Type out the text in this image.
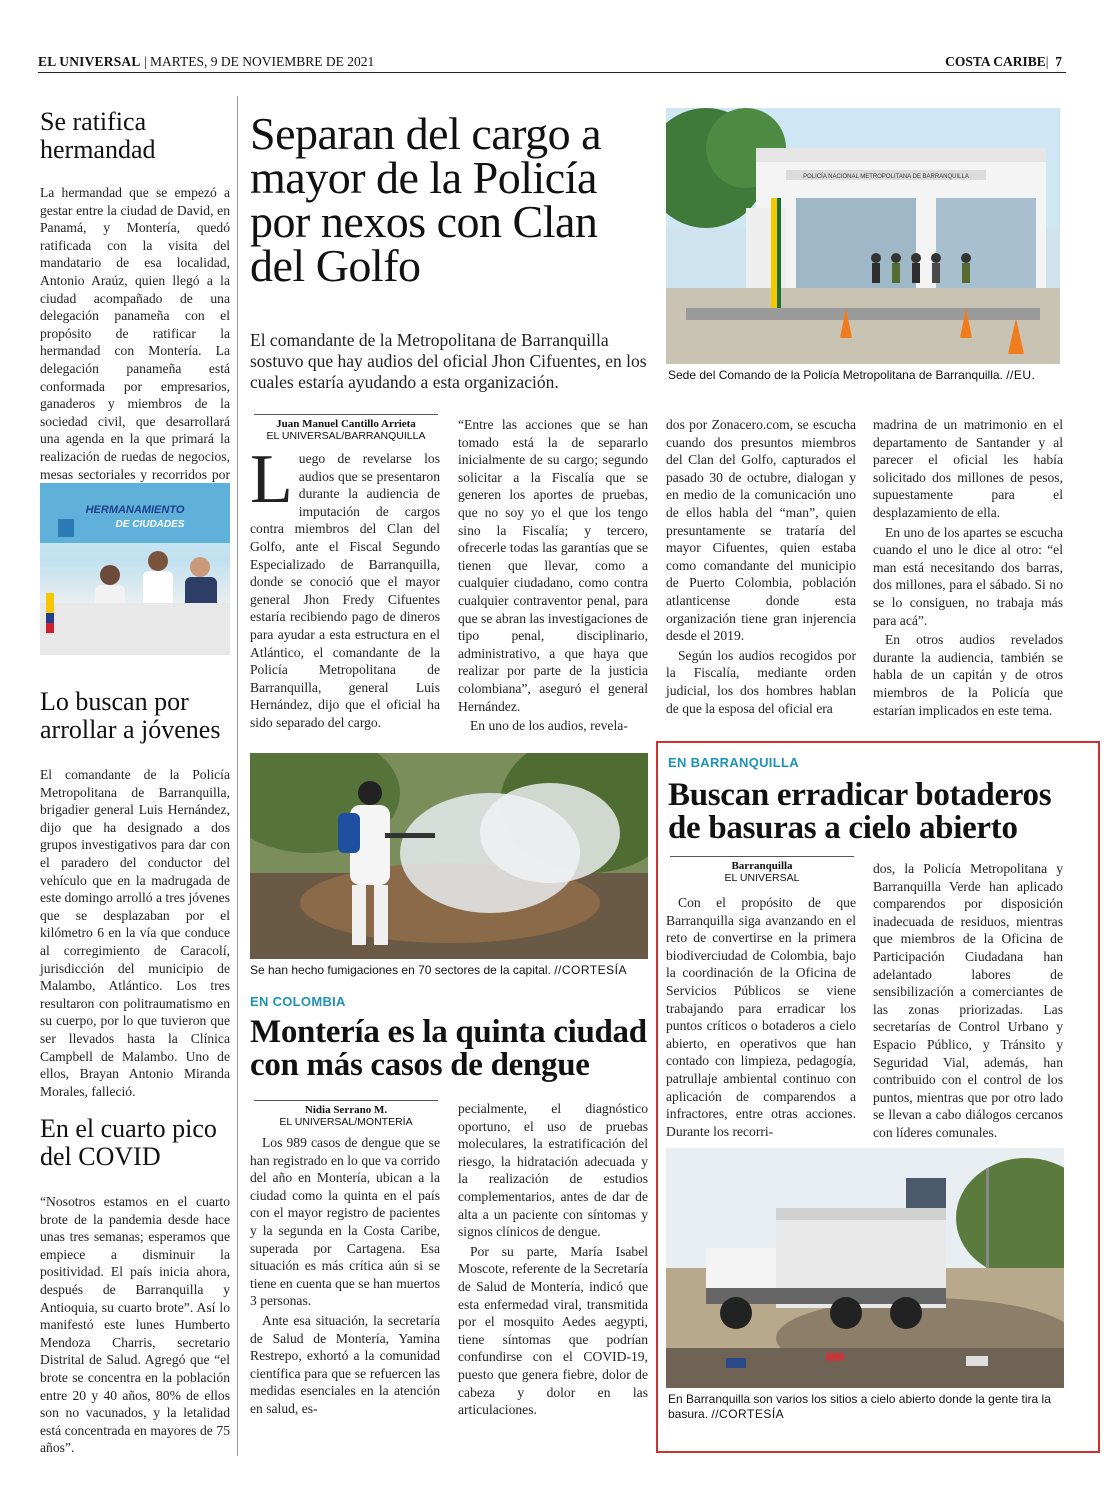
EL UNIVERSAL | MARTES, 9 DE NOVIEMBRE DE 2021	COSTA CARIBE|  7
Se ratifica hermandad
La hermandad que se empezó a gestar entre la ciudad de David, en Panamá, y Montería, quedó ratificada con la visita del mandatario de esa localidad, Antonio Araúz, quien llegó a la ciudad acompañado de una delegación panameña con el propósito de ratificar la hermandad con Montería. La delegación panameña está conformada por empresarios, ganaderos y miembros de la sociedad civil, que desarrollará una agenda en la que primará la realización de ruedas de negocios, mesas sectoriales y recorridos por
HERMANAMIENTO
DE CIUDADES
Lo buscan por arrollar a jóvenes
El comandante de la Policía Metropolitana de Barranquilla, brigadier general Luis Hernández, dijo que ha designado a dos grupos investigativos para dar con el paradero del conductor del vehículo que en la madrugada de este domingo arrolló a tres jóvenes que se desplazaban por el kilómetro 6 en la vía que conduce al corregimiento de Caracolí, jurisdicción del municipio de Malambo, Atlántico. Los tres resultaron con politraumatismo en su cuerpo, por lo que tuvieron que ser llevados hasta la Clínica Campbell de Malambo. Uno de ellos, Brayan Antonio Miranda Morales, falleció.
En el cuarto pico del COVID
“Nosotros estamos en el cuarto brote de la pandemia desde hace unas tres semanas; esperamos que empiece a disminuir la positividad. El país inicia ahora, después de Barranquilla y Antioquia, su cuarto brote”. Así lo manifestó este lunes Humberto Mendoza Charris, secretario Distrital de Salud. Agregó que “el brote se concentra en la población entre 20 y 40 años, 80% de ellos son no vacunados, y la letalidad está concentrada en mayores de 75 años”.
Separan del cargo a mayor de la Policía por nexos con Clan del Golfo
El comandante de la Metropolitana de Barranquilla sostuvo que hay audios del oficial Jhon Cifuentes, en los cuales estaría ayudando a esta organización.
POLICÍA NACIONAL METROPOLITANA DE BARRANQUILLA
Sede del Comando de la Policía Metropolitana de Barranquilla. //EU.
Juan Manuel Cantillo Arrieta
EL UNIVERSAL/BARRANQUILLA
L uego de revelarse los audios que se presentaron durante la audiencia de imputación de cargos contra miembros del Clan del Golfo, ante el Fiscal Segundo Especializado de Barranquilla, donde se conoció que el mayor general Jhon Fredy Cifuentes estaría recibiendo pago de dineros para ayudar a esta estructura en el Atlántico, el comandante de la Policía Metropolitana de Barranquilla, general Luis Hernández, dijo que el oficial ha sido separado del cargo.

“Entre las acciones que se han tomado está la de separarlo inicialmente de su cargo; segundo solicitar a la Fiscalía que se generen los aportes de pruebas, que no soy yo el que los tengo sino la Fiscalía; y tercero, ofrecerle todas las garantías que se tienen que llevar, como a cualquier ciudadano, como contra cualquier contraventor penal, para que se abran las investigaciones de tipo penal, disciplinario, administrativo, a que haya que realizar por parte de la justicia colombiana”, aseguró el general Hernández.

En uno de los audios, revela-

dos por Zonacero.com, se escucha cuando dos presuntos miembros del Clan del Golfo, capturados el pasado 30 de octubre, dialogan y en medio de la comunicación uno de ellos habla del “man”, quien presuntamente se trataría del mayor Cifuentes, quien estaba como comandante del municipio de Puerto Colombia, población atlanticense donde esta organización tiene gran injerencia desde el 2019.

Según los audios recogidos por la Fiscalía, mediante orden judicial, los dos hombres hablan de que la esposa del oficial era

madrina de un matrimonio en el departamento de Santander y al parecer el oficial les había solicitado dos millones de pesos, supuestamente para el desplazamiento de ella.

En uno de los apartes se escucha cuando el uno le dice al otro: “el man está necesitando dos barras, dos millones, para el sábado. Si no se lo consiguen, no trabaja más para acá”.

En otros audios revelados durante la audiencia, también se habla de un capitán y de otros miembros de la Policía que estarían implicados en este tema.

Se han hecho fumigaciones en 70 sectores de la capital. //CORTESÍA
EN COLOMBIA
Montería es la quinta ciudad con más casos de dengue
Nidia Serrano M.
EL UNIVERSAL/MONTERÍA

Los 989 casos de dengue que se han registrado en lo que va corrido del año en Montería, ubican a la ciudad como la quinta en el país con el mayor registro de pacientes y la segunda en la Costa Caribe, superada por Cartagena. Esa situación es más crítica aún si se tiene en cuenta que se han muertos 3 personas.

Ante esa situación, la secretaría de Salud de Montería, Yamina Restrepo, exhortó a la comunidad científica para que se refuercen las medidas esenciales en la atención en salud, es-

pecialmente, el diagnóstico oportuno, el uso de pruebas moleculares, la estratificación del riesgo, la hidratación adecuada y la realización de estudios complementarios, antes de dar de alta a un paciente con síntomas y signos clínicos de dengue.

Por su parte, María Isabel Moscote, referente de la Secretaría de Salud de Montería, indicó que esta enfermedad viral, transmitida por el mosquito Aedes aegypti, tiene síntomas que podrían confundirse con el COVID-19, puesto que genera fiebre, dolor de cabeza y dolor en las articulaciones.

EN BARRANQUILLA
Buscan erradicar botaderos de basuras a cielo abierto
Barranquilla
EL UNIVERSAL
Con el propósito de que Barranquilla siga avanzando en el reto de convertirse en la primera biodiverciudad de Colombia, bajo la coordinación de la Oficina de Servicios Públicos se viene trabajando para erradicar los puntos críticos o botaderos a cielo abierto, en operativos que han contado con limpieza, pedagogía, patrullaje ambiental continuo con aplicación de comparendos a infractores, entre otras acciones. Durante los recorri-
dos, la Policía Metropolitana y Barranquilla Verde han aplicado comparendos por disposición inadecuada de residuos, mientras que miembros de la Oficina de Participación Ciudadana han adelantado labores de sensibilización a comerciantes de las zonas priorizadas. Las secretarías de Control Urbano y Espacio Público, y Tránsito y Seguridad Vial, además, han contribuido con el control de los puntos, mientras que por otro lado se llevan a cabo diálogos cercanos con líderes comunales.
En Barranquilla son varios los sitios a cielo abierto donde la gente tira la basura. //CORTESÍA
